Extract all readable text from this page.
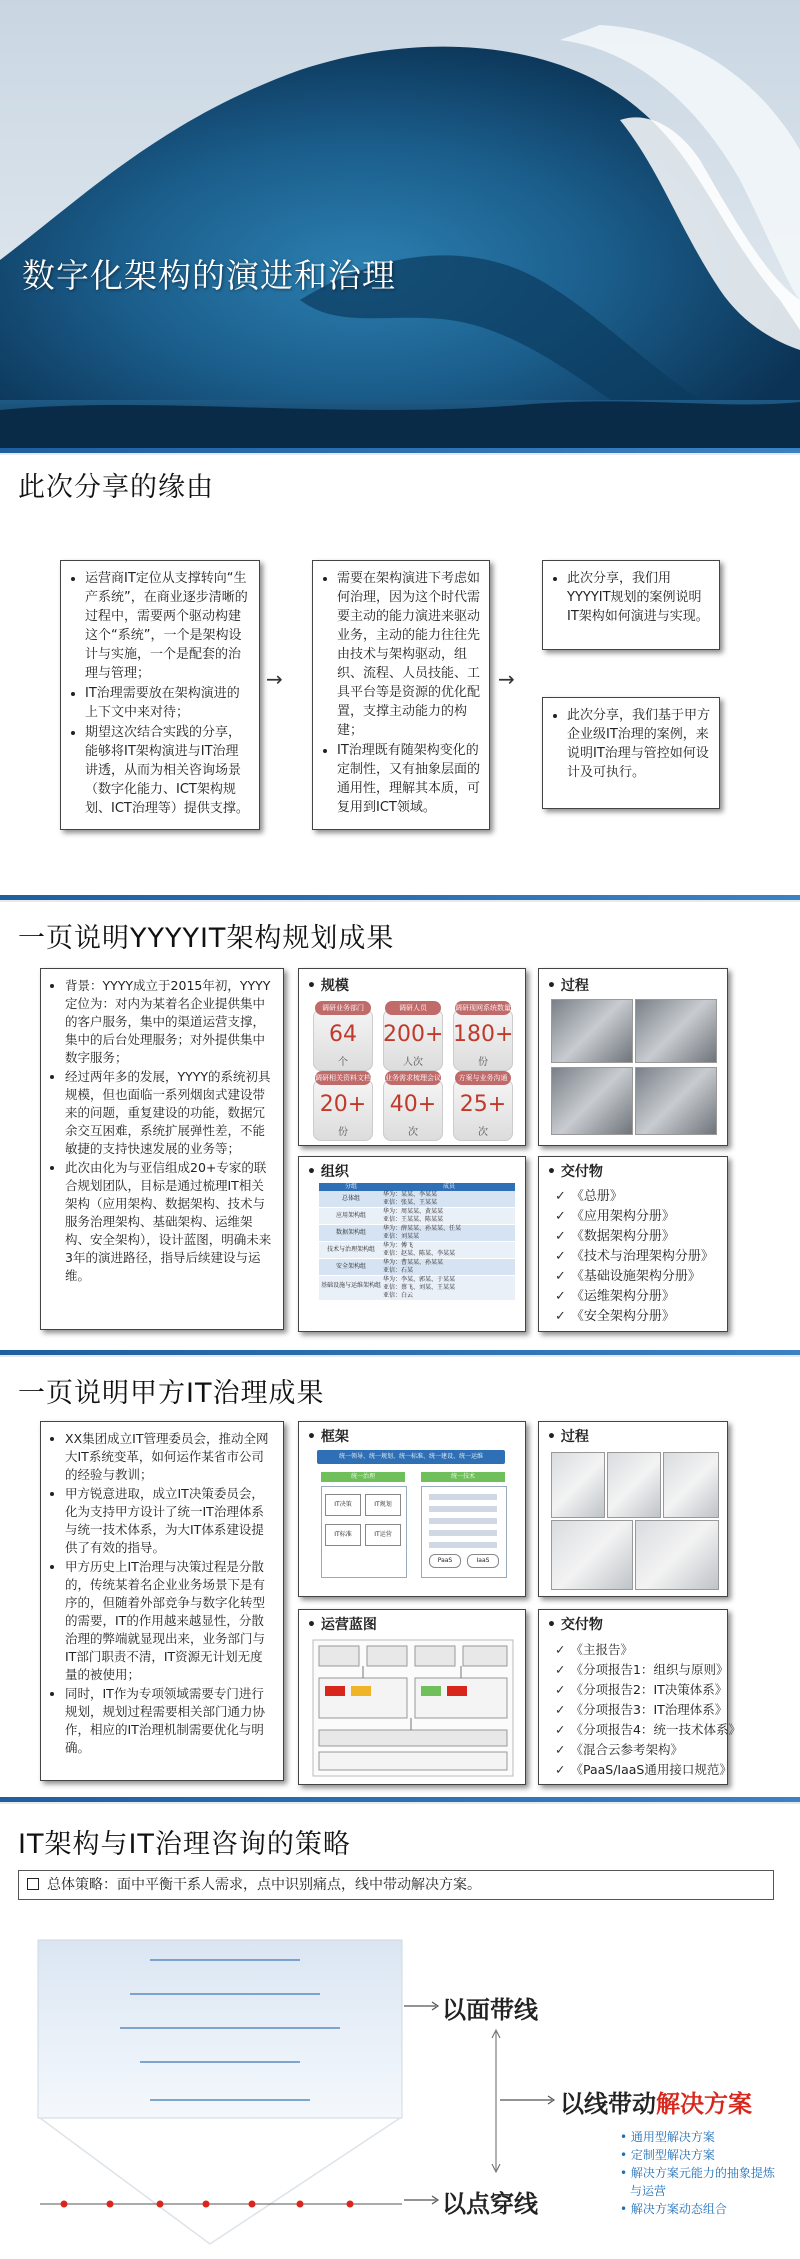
数字化架构的演进和治理
此次分享的缘由
• 运营商IT定位从支撑转向“生产系统”，在商业逐步清晰的过程中，需要两个驱动构建这个“系统”，一个是架构设计与实施，一个是配套的治理与管理；
• IT治理需要放在架构演进的上下文中来对待；
• 期望这次结合实践的分享，能够将IT架构演进与IT治理讲透，从而为相关咨询场景（数字化能力、ICT架构规划、ICT治理等）提供支撑。
→
• 需要在架构演进下考虑如何治理，因为这个时代需要主动的能力演进来驱动业务，主动的能力往往先由技术与架构驱动，组织、流程、人员技能、工具平台等是资源的优化配置，支撑主动能力的构建；
• IT治理既有随架构变化的定制性，又有抽象层面的通用性，理解其本质，可复用到ICT领域。
→
• 此次分享，我们用YYYYIT规划的案例说明IT架构如何演进与实现。
• 此次分享，我们基于甲方企业级IT治理的案例，来说明IT治理与管控如何设计及可执行。
一页说明YYYYIT架构规划成果
• 背景：YYYY成立于2015年初，YYYY定位为：对内为某着名企业提供集中的客户服务，集中的渠道运营支撑，集中的后台处理服务；对外提供集中数字服务；
• 经过两年多的发展，YYYY的系统初具规模，但也面临一系列烟囱式建设带来的问题，重复建设的功能，数据冗余交互困难，系统扩展弹性差，不能敏捷的支持快速发展的业务等；
• 此次由化为与亚信组成20+专家的联合规划团队，目标是通过梳理IT相关架构（应用架构、数据架构、技术与服务治理架构、基础架构、运维架构、安全架构），设计蓝图，明确未来3年的演进路径，指导后续建设与运维。
• 规模
调研业务部门
64
个
调研人员
200+
人次
调研现网系统数量
180+
份
调研相关资料文档
20+
份
业务需求梳理会议
40+
次
方案与业务沟通
25+
次
• 过程
• 组织
分组	成员
总体组
华为：某某、李某某
亚信：张某、王某某
应用架构组
华为：周某某、黄某某
亚信：王某某、陈某某
数据架构组
华为：薛某某、孙某某、任某
亚信：刘某某
技术与治理架构组
华为：傅飞
亚信：赵某、陈某、李某某
安全架构组
华为：曹某某、孙某某
亚信：石某
基础设施与运维架构组
华为：李某、郭某、于某某
亚信：蔡飞、刘某、王某某
亚信：白云
• 交付物
✓ 《总册》
✓ 《应用架构分册》
✓ 《数据架构分册》
✓ 《技术与治理架构分册》
✓ 《基础设施架构分册》
✓ 《运维架构分册》
✓ 《安全架构分册》
一页说明甲方IT治理成果
• XX集团成立IT管理委员会，推动全网大IT系统变革，如何运作某省市公司的经验与教训；
• 甲方锐意进取，成立IT决策委员会，化为支持甲方设计了统一IT治理体系与统一技术体系，为大IT体系建设提供了有效的指导。
• 甲方历史上IT治理与决策过程是分散的，传统某着名企业业务场景下是有序的，但随着外部竞争与数字化转型的需要，IT的作用越来越显性，分散治理的弊端就显现出来，业务部门与IT部门职责不清，IT资源无计划无度量的被使用；
• 同时，IT作为专项领域需要专门进行规划，规划过程需要相关部门通力协作，相应的IT治理机制需要优化与明确。
• 框架
统一领导、统一规划、统一标准、统一建设、统一运维
统一治理	统一技术
IT决策	IT规划
IT标准	IT运营
PaaS	IaaS
• 过程
• 运营蓝图	• 交付物
✓ 《主报告》
✓ 《分项报告1：组织与原则》
✓ 《分项报告2：IT决策体系》
✓ 《分项报告3：IT治理体系》
✓ 《分项报告4：统一技术体系》
✓ 《混合云参考架构》
✓ 《PaaS/IaaS通用接口规范》
IT架构与IT治理咨询的策略
总体策略：面中平衡干系人需求，点中识别痛点，线中带动解决方案。
以面带线
以线带动解决方案
以点穿线
• 通用型解决方案
• 定制型解决方案
• 解决方案元能力的抽象提炼与运营
• 解决方案动态组合
